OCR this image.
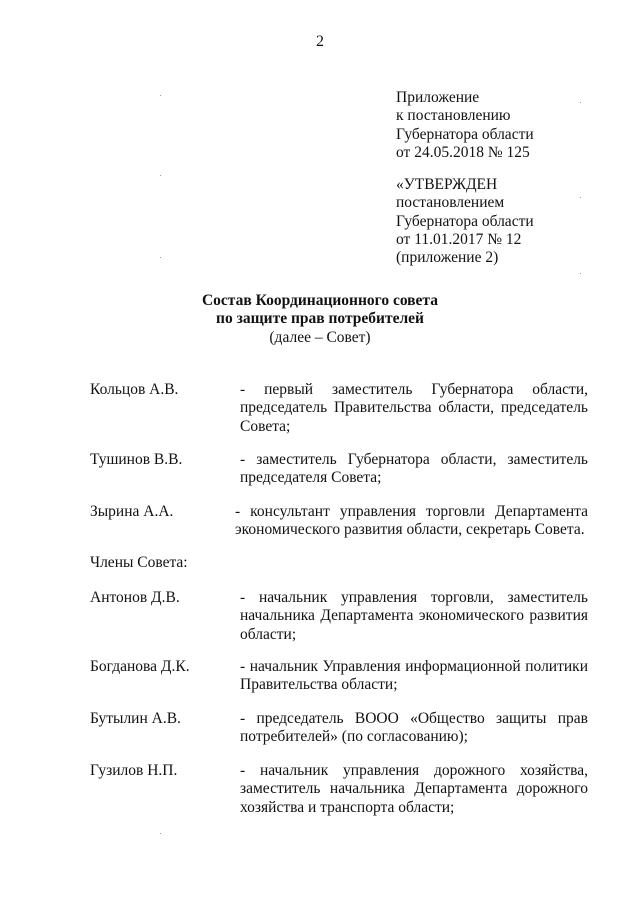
2
Приложение
к постановлению
Губернатора области
от 24.05.2018 № 125
«УТВЕРЖДЕН
постановлением
Губернатора области
от 11.01.2017 № 12
(приложение 2)
Состав Координационного совета
по защите прав потребителей
(далее – Совет)
Кольцов А.В.	- первый заместитель Губернатора области,
председатель Правительства области, председатель
Совета;
Тушинов В.В.	- заместитель Губернатора области, заместитель
председателя Совета;
Зырина А.А.	- консультант управления торговли Департамента
экономического развития области, секретарь Совета.
Члены Совета:
Антонов Д.В.	- начальник управления торговли, заместитель
начальника Департамента экономического развития
области;
Богданова Д.К.	- начальник Управления информационной политики
Правительства области;
Бутылин А.В.	- председатель ВООО «Общество защиты прав
потребителей» (по согласованию);
Гузилов Н.П.	- начальник управления дорожного хозяйства,
заместитель начальника Департамента дорожного
хозяйства и транспорта области;
